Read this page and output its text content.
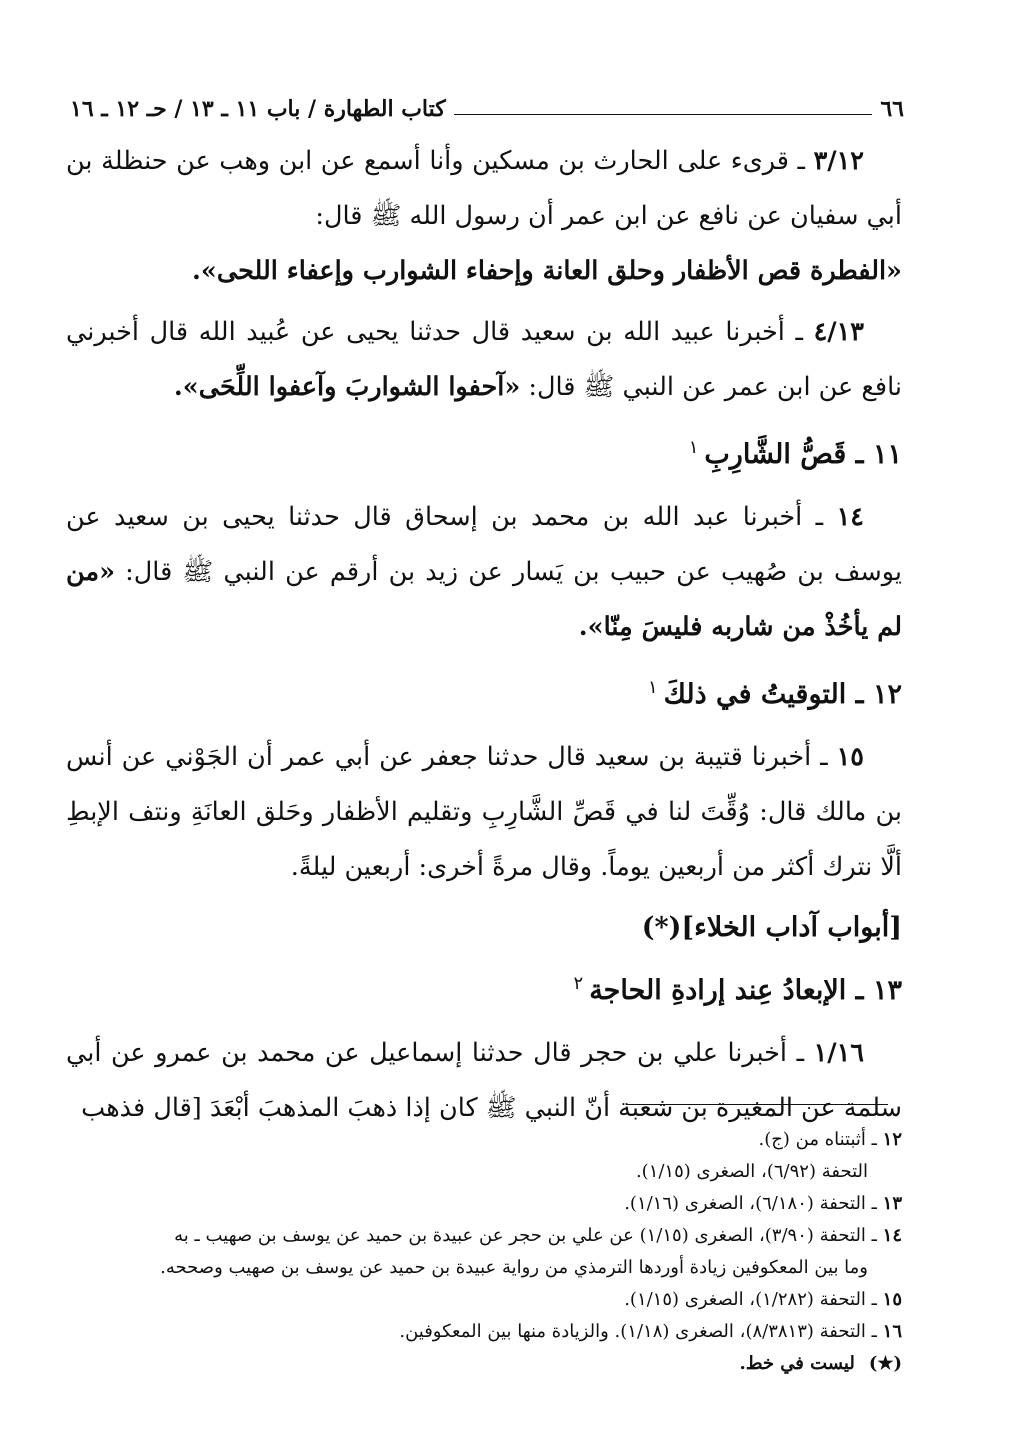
٦٦
كتاب الطهارة / باب ١١ ـ ١٣ / حـ ١٢ ـ ١٦

٣/١٢ ـ قرىء على الحارث بن مسكين وأنا أسمع عن ابن وهب عن حنظلة بن أبي سفيان عن نافع عن ابن عمر أن رسول الله ﷺ قال:

«الفطرة قص الأظفار وحلق العانة وإحفاء الشوارب وإعفاء اللحى».

٤/١٣ ـ أخبرنا عبيد الله بن سعيد قال حدثنا يحيى عن عُبيد الله قال أخبرني نافع عن ابن عمر عن النبي ﷺ قال: «آحفوا الشواربَ وآعفوا اللِّحَى».

١١ ـ قَصُّ الشَّارِبِ$^١$

١٤ ـ أخبرنا عبد الله بن محمد بن إسحاق قال حدثنا يحيى بن سعيد عن يوسف بن صُهيب عن حبيب بن يَسار عن زيد بن أرقم عن النبي ﷺ قال: «من لم يأخُذْ من شاربه فليسَ مِنّا».

١٢ ـ التوقيتُ في ذلكَ$^١$

١٥ ـ أخبرنا قتيبة بن سعيد قال حدثنا جعفر عن أبي عمر أن الجَوْني عن أنس بن مالك قال: وُقِّتَ لنا في قَصِّ الشَّارِبِ وتقليم الأظفار وحَلق العانَةِ ونتف الإبطِ ألَّا نترك أكثر من أربعين يوماً. وقال مرةً أخرى: أربعين ليلةً.

[أبواب آداب الخلاء](*)
١٣ ـ الإبعادُ عِند إرادةِ الحاجة$^٢$

١/١٦ ـ أخبرنا علي بن حجر قال حدثنا إسماعيل عن محمد بن عمرو عن أبي سلمة عن المغيرة بن شعبة أنّ النبي ﷺ كان إذا ذهبَ المذهبَ أبْعَدَ [قال فذهب

١٢ ـ أثبتناه من (ج).

التحفة (٦/٩٢)، الصغرى (١/١٥).

١٣ ـ التحفة (٦/١٨٠)، الصغرى (١/١٦).

١٤ ـ التحفة (٣/٩٠)، الصغرى (١/١٥) عن علي بن حجر عن عبيدة بن حميد عن يوسف بن صهيب ـ به

وما بين المعكوفين زيادة أوردها الترمذي من رواية عبيدة بن حميد عن يوسف بن صهيب وصححه.

١٥ ـ التحفة (١/٢٨٢)، الصغرى (١/١٥).

١٦ ـ التحفة (٨/٣٨١٣)، الصغرى (١/١٨). والزيادة منها بين المعكوفين.

(★)ليست في خط.
